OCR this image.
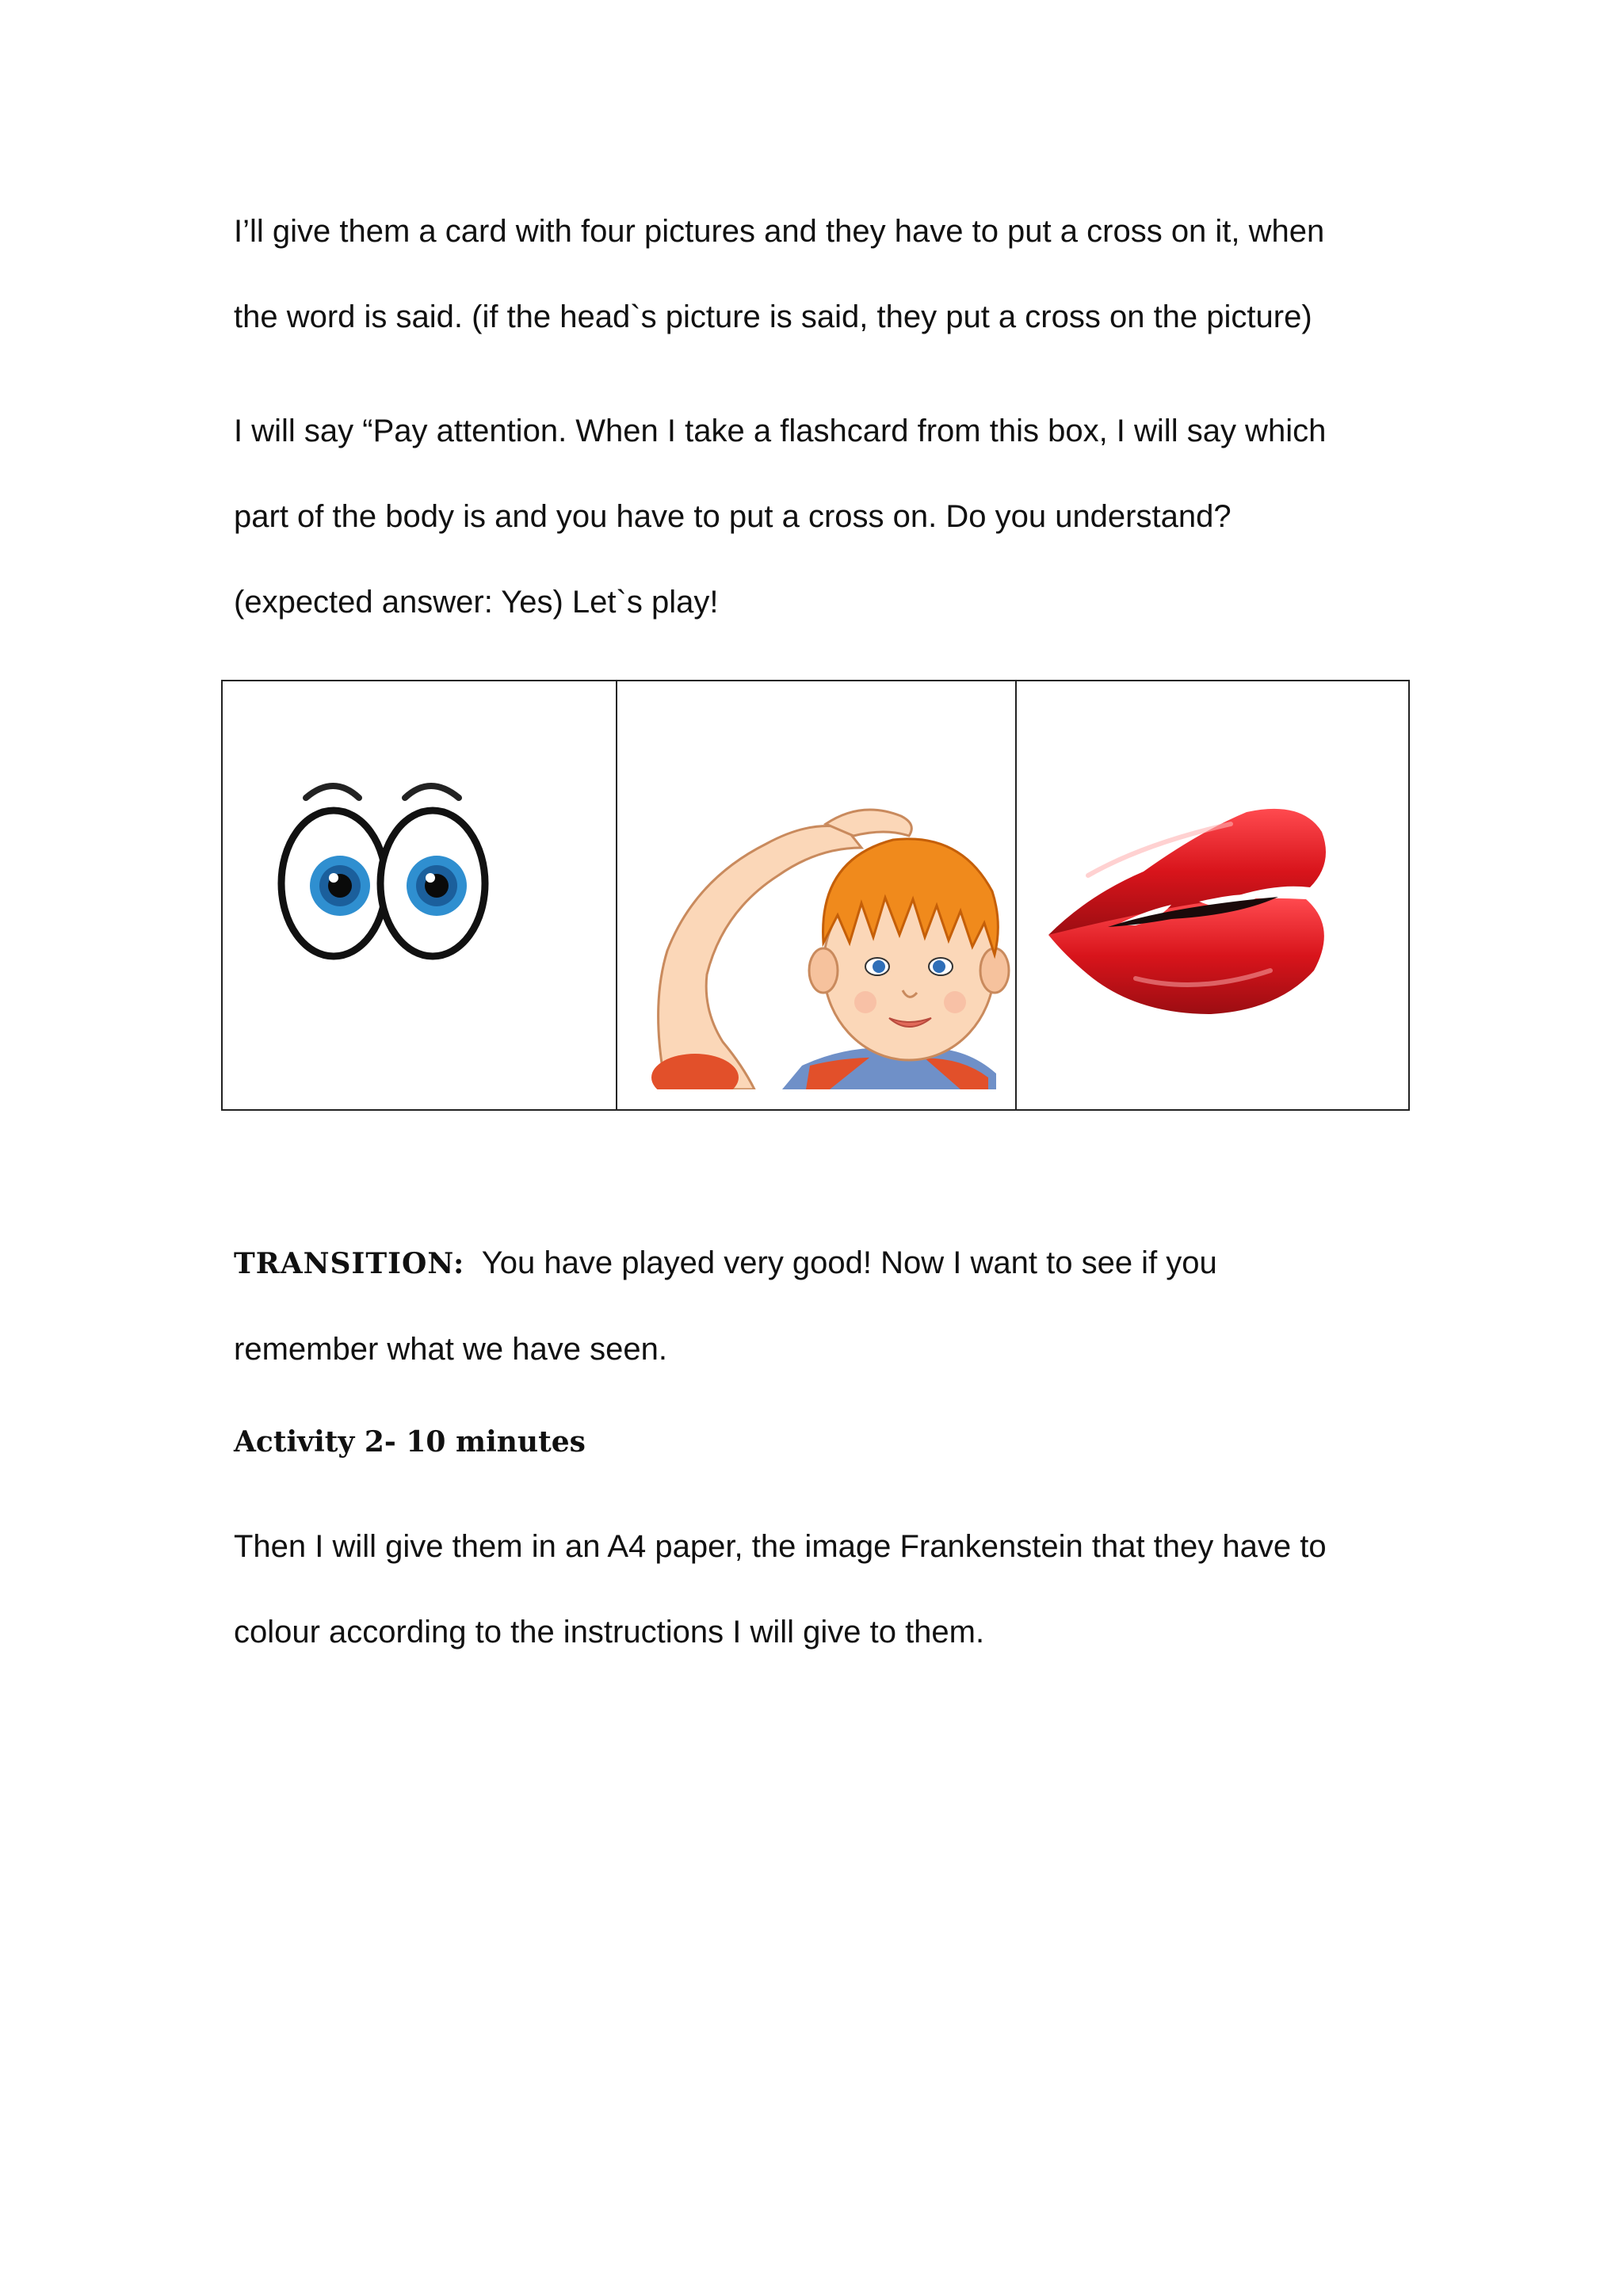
I’ll give them a card with four pictures and they have to put a cross on it, when
the word is said. (if the head`s picture is said, they put a cross on the picture)
I will say “Pay attention. When I take a flashcard from this box, I will say which
part of the body is and you have to put a cross on. Do you understand?
(expected answer: Yes) Let`s play!
TRANSITION:  You have played very good! Now I want to see if you
remember what we have seen.
Activity 2- 10 minutes
Then I will give them in an A4 paper, the image Frankenstein that they have to
colour according to the instructions I will give to them.
